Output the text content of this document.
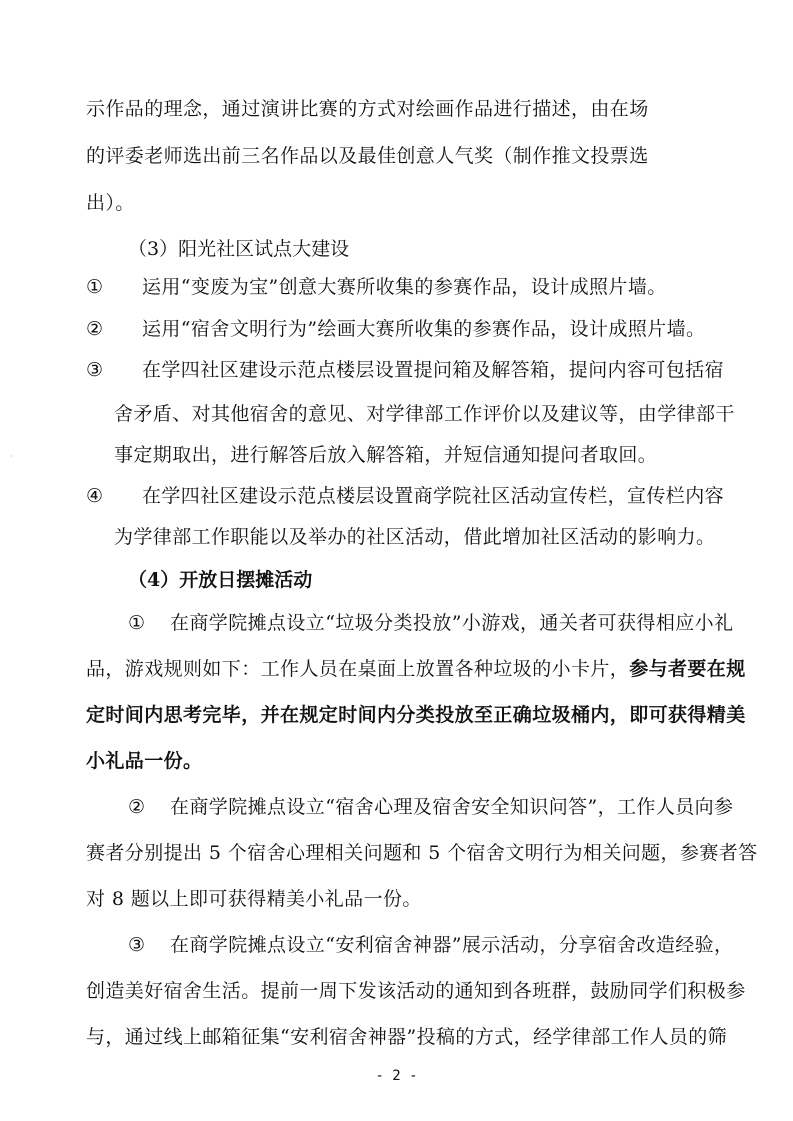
示作品的理念，通过演讲比赛的方式对绘画作品进行描述，由在场
的评委老师选出前三名作品以及最佳创意人气奖（制作推文投票选
出）。
（3）阳光社区试点大建设
① 运用“变废为宝”创意大赛所收集的参赛作品，设计成照片墙。
② 运用“宿舍文明行为”绘画大赛所收集的参赛作品，设计成照片墙。
③ 在学四社区建设示范点楼层设置提问箱及解答箱，提问内容可包括宿
舍矛盾、对其他宿舍的意见、对学律部工作评价以及建议等，由学律部干
事定期取出，进行解答后放入解答箱，并短信通知提问者取回。
·
④ 在学四社区建设示范点楼层设置商学院社区活动宣传栏，宣传栏内容
为学律部工作职能以及举办的社区活动，借此增加社区活动的影响力。
（4）开放日摆摊活动
① 在商学院摊点设立“垃圾分类投放”小游戏，通关者可获得相应小礼
品，游戏规则如下：工作人员在桌面上放置各种垃圾的小卡片，参与者要在规
定时间内思考完毕，并在规定时间内分类投放至正确垃圾桶内，即可获得精美
小礼品一份。
② 在商学院摊点设立“宿舍心理及宿舍安全知识问答”，工作人员向参
赛者分别提出 5 个宿舍心理相关问题和 5 个宿舍文明行为相关问题，参赛者答
对 8 题以上即可获得精美小礼品一份。
③ 在商学院摊点设立“安利宿舍神器”展示活动，分享宿舍改造经验，
创造美好宿舍生活。提前一周下发该活动的通知到各班群，鼓励同学们积极参
与，通过线上邮箱征集“安利宿舍神器”投稿的方式，经学律部工作人员的筛
- 2 -
